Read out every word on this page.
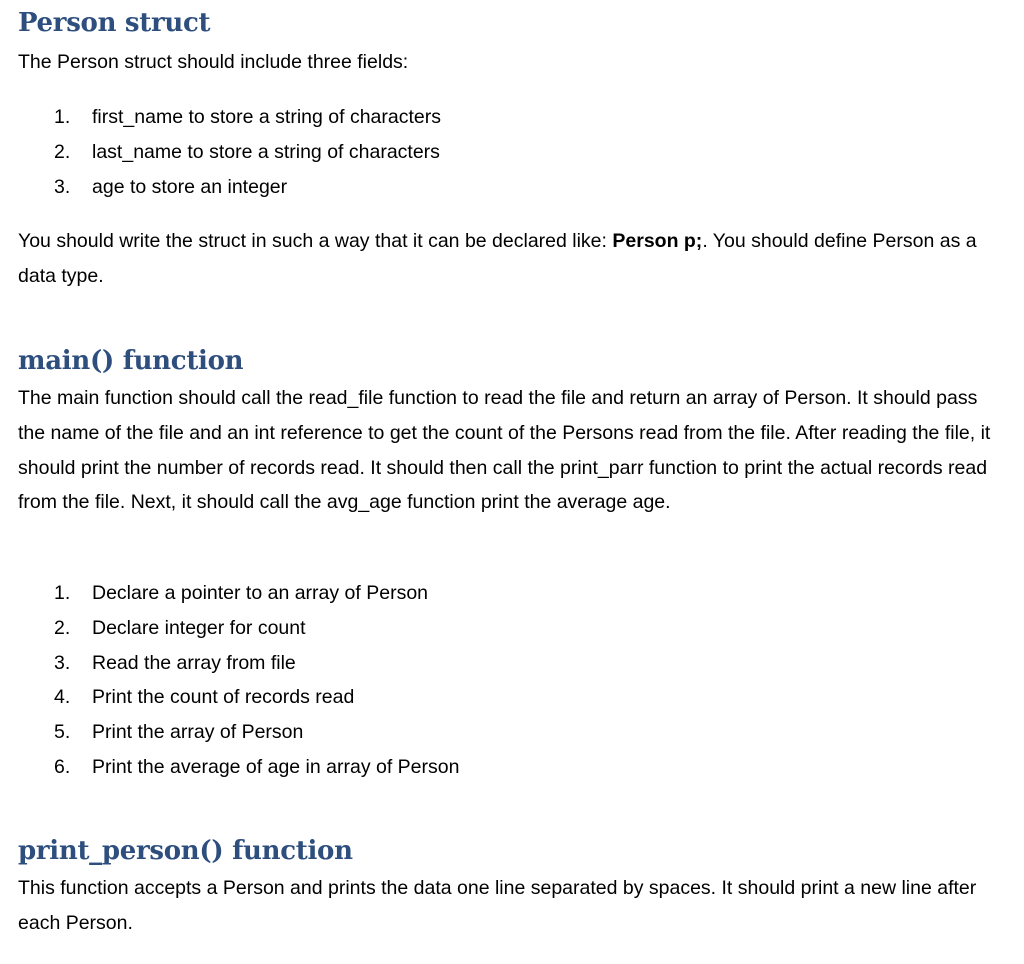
Person struct

The Person struct should include three fields:

1.	first_name to store a string of characters
2.	last_name to store a string of characters
3.	age to store an integer

You should write the struct in such a way that it can be declared like: Person p;. You should define Person as a data type.

main() function

The main function should call the read_file function to read the file and return an array of Person. It should pass the name of the file and an int reference to get the count of the Persons read from the file. After reading the file, it should print the number of records read. It should then call the print_parr function to print the actual records read from the file. Next, it should call the avg_age function print the average age.

1.	Declare a pointer to an array of Person
2.	Declare integer for count
3.	Read the array from file
4.	Print the count of records read
5.	Print the array of Person
6.	Print the average of age in array of Person
print_person() function

This function accepts a Person and prints the data one line separated by spaces. It should print a new line after each Person.
